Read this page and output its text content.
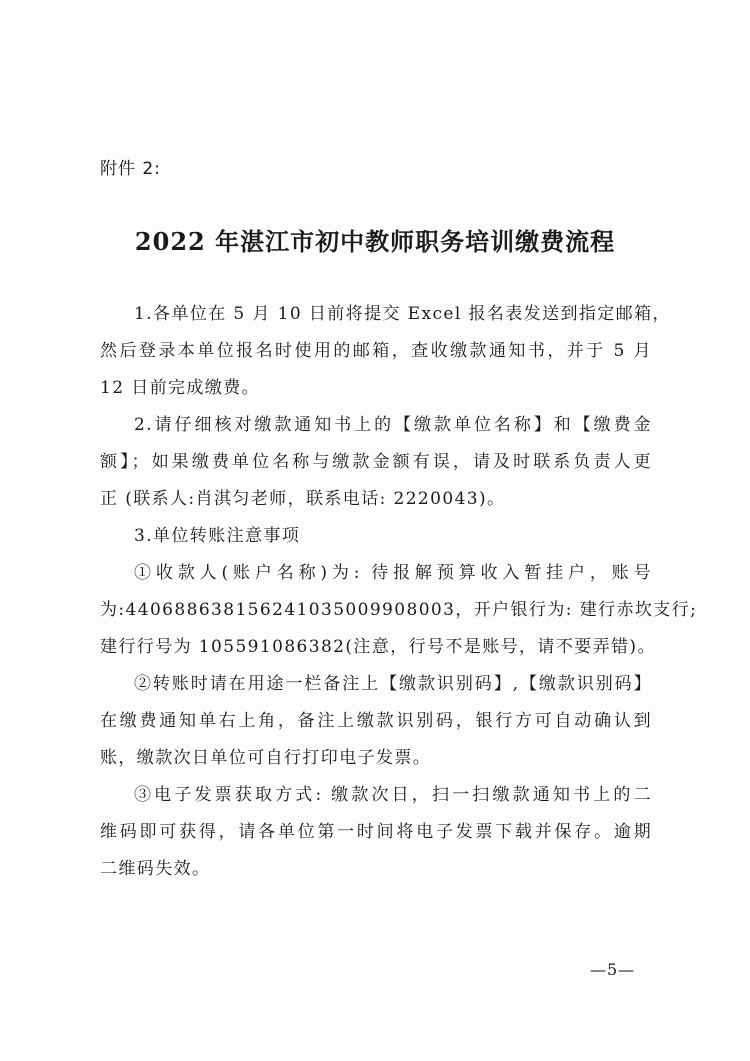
附件 2:
2022 年湛江市初中教师职务培训缴费流程
1.各单位在 5 月 10 日前将提交 Excel 报名表发送到指定邮箱，
然后登录本单位报名时使用的邮箱，查收缴款通知书，并于 5 月
12 日前完成缴费。
2.请仔细核对缴款通知书上的【缴款单位名称】和【缴费金
额】；如果缴费单位名称与缴款金额有误，请及时联系负责人更
正 (联系人:肖淇匀老师，联系电话: 2220043)。
3.单位转账注意事项
①收款人(账户名称)为: 待报解预算收入暂挂户，账号
为:44068863815624103500990800​3，开户银行为: 建行赤坎支行;
建行行号为 105591086382(注意，行号不是账号，请不要弄错)。
②转账时请在用途一栏备注上【缴款识别码】,【缴款识别码】
在缴费通知单右上角，备注上缴款识别码，银行方可自动确认到
账，缴款次日单位可自行打印电子发票。
③电子发票获取方式: 缴款次日，扫一扫缴款通知书上的二
维码即可获得，请各单位第一时间将电子发票下载并保存。逾期
二维码失效。
—5—
